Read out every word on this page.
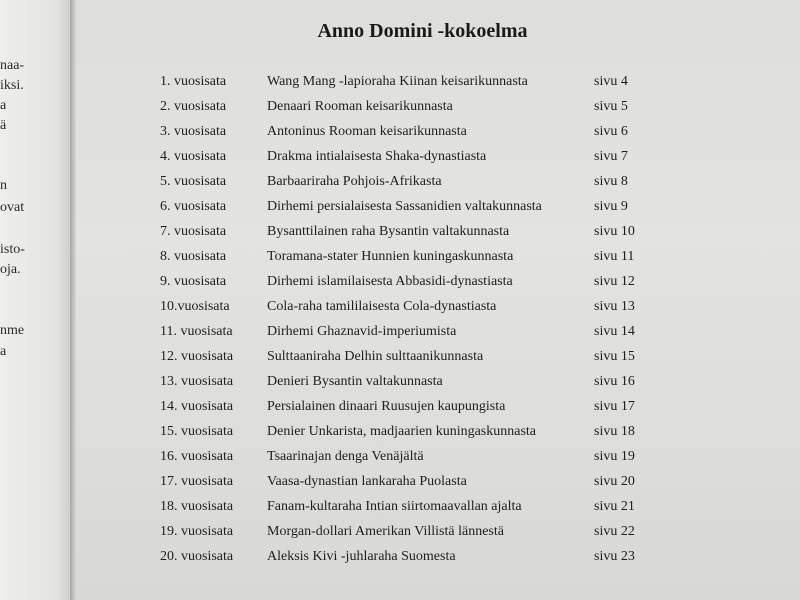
naa-
iksi.
a
ä
n
ovat
isto-
oja.
nme
a
Anno Domini -kokoelma
1. vuosisata	Wang Mang -lapioraha Kiinan keisarikunnasta	sivu 4
2. vuosisata	Denaari Rooman keisarikunnasta	sivu 5
3. vuosisata	Antoninus Rooman keisarikunnasta	sivu 6
4. vuosisata	Drakma intialaisesta Shaka-dynastiasta	sivu 7
5. vuosisata	Barbaariraha Pohjois-Afrikasta	sivu 8
6. vuosisata	Dirhemi persialaisesta Sassanidien valtakunnasta	sivu 9
7. vuosisata	Bysanttilainen raha Bysantin valtakunnasta	sivu 10
8. vuosisata	Toramana-stater Hunnien kuningaskunnasta	sivu 11
9. vuosisata	Dirhemi islamilaisesta Abbasidi-dynastiasta	sivu 12
10.vuosisata	Cola-raha tamililaisesta Cola-dynastiasta	sivu 13
11. vuosisata Dirhemi Ghaznavid-imperiumista	sivu 14
12. vuosisata Sulttaaniraha Delhin sulttaanikunnasta	sivu 15
13. vuosisata Denieri Bysantin valtakunnasta	sivu 16
14. vuosisata Persialainen dinaari Ruusujen kaupungista	sivu 17
15. vuosisata Denier Unkarista, madjaarien kuningaskunnasta	sivu 18
16. vuosisata Tsaarinajan denga Venäjältä	sivu 19
17. vuosisata Vaasa-dynastian lankaraha Puolasta	sivu 20
18. vuosisata Fanam-kultaraha Intian siirtomaavallan ajalta	sivu 21
19. vuosisata Morgan-dollari Amerikan Villistä lännestä	sivu 22
20. vuosisata Aleksis Kivi -juhlaraha Suomesta	sivu 23
